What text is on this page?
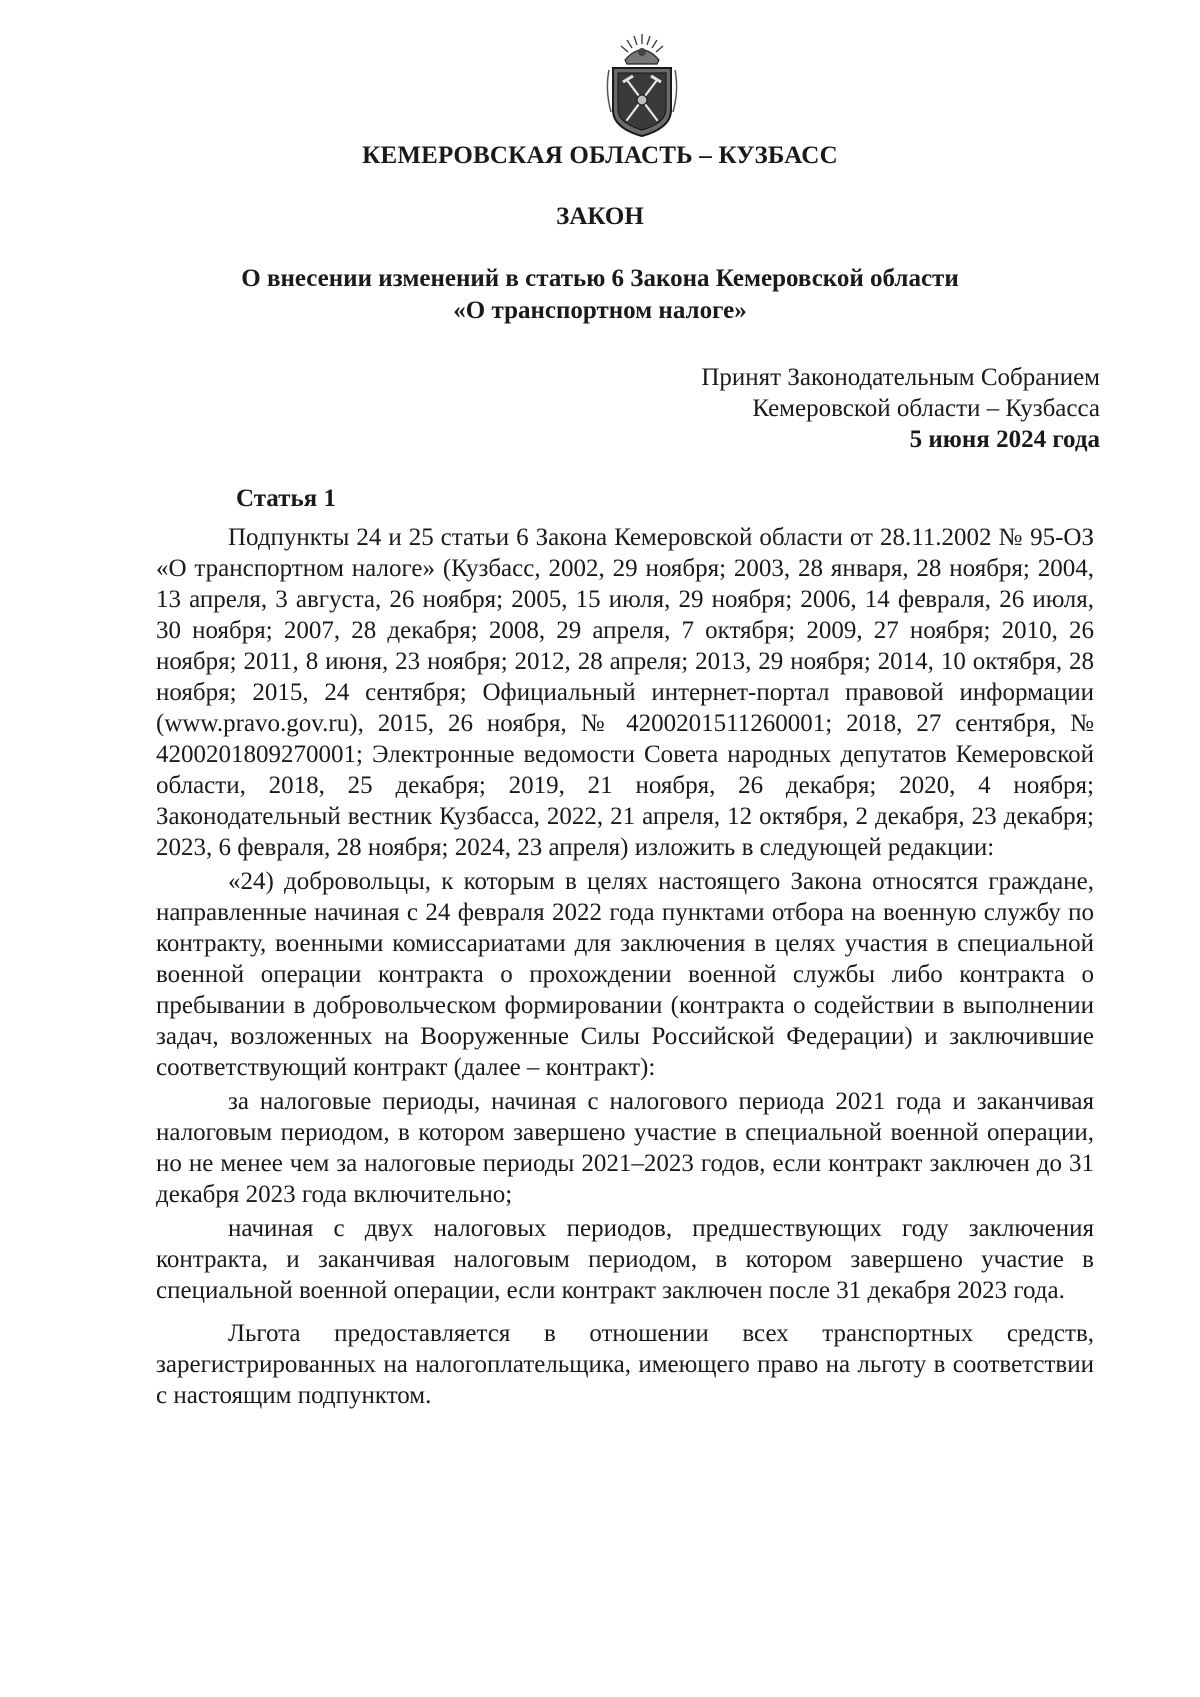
КЕМЕРОВСКАЯ ОБЛАСТЬ – КУЗБАСС
ЗАКОН
О внесении изменений в статью 6 Закона Кемеровской области
«О транспортном налоге»
Принят Законодательным Собранием
Кемеровской области – Кузбасса
5 июня 2024 года
Статья 1

Подпункты 24 и 25 статьи 6 Закона Кемеровской области от 28.11.2002 № 95-ОЗ «О транспортном налоге» (Кузбасс, 2002, 29 ноября; 2003, 28 января, 28 ноября; 2004, 13 апреля, 3 августа, 26 ноября; 2005, 15 июля, 29 ноября; 2006, 14 февраля, 26 июля, 30 ноября; 2007, 28 декабря; 2008, 29 апреля, 7 октября; 2009, 27 ноября; 2010, 26 ноября; 2011, 8 июня, 23 ноября; 2012, 28 апреля; 2013, 29 ноября; 2014, 10 октября, 28 ноября; 2015, 24 сентября; Официальный интернет-портал правовой информации (www.pravo.gov.ru), 2015, 26 ноября, № 4200201511260001; 2018, 27 сентября, № 4200201809270001; Электронные ведомости Совета народных депутатов Кемеровской области, 2018, 25 декабря; 2019, 21 ноября, 26 декабря; 2020, 4 ноября; Законодательный вестник Кузбасса, 2022, 21 апреля, 12 октября, 2 декабря, 23 декабря; 2023, 6 февраля, 28 ноября; 2024, 23 апреля) изложить в следующей редакции:

«24) добровольцы, к которым в целях настоящего Закона относятся граждане, направленные начиная с 24 февраля 2022 года пунктами отбора на военную службу по контракту, военными комиссариатами для заключения в целях участия в специальной военной операции контракта о прохождении военной службы либо контракта о пребывании в добровольческом формировании (контракта о содействии в выполнении задач, возложенных на Вооруженные Силы Российской Федерации) и заключившие соответствующий контракт (далее – контракт):

за налоговые периоды, начиная с налогового периода 2021 года и заканчивая налоговым периодом, в котором завершено участие в специальной военной операции, но не менее чем за налоговые периоды 2021–2023 годов, если контракт заключен до 31 декабря 2023 года включительно;

начиная с двух налоговых периодов, предшествующих году заключения контракта, и заканчивая налоговым периодом, в котором завершено участие в специальной военной операции, если контракт заключен после 31 декабря 2023 года.

Льгота предоставляется в отношении всех транспортных средств, зарегистрированных на налогоплательщика, имеющего право на льготу в соответствии с настоящим подпунктом.
